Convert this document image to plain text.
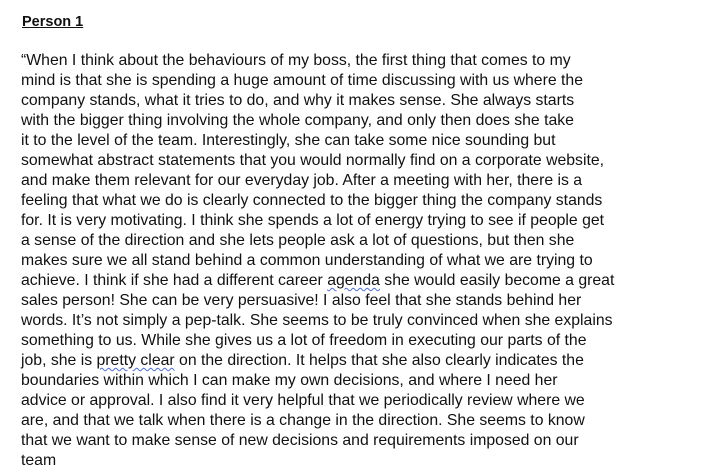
Person 1
“When I think about the behaviours of my boss, the first thing that comes to my
mind is that she is spending a huge amount of time discussing with us where the
company stands, what it tries to do, and why it makes sense. She always starts
with the bigger thing involving the whole company, and only then does she take
it to the level of the team. Interestingly, she can take some nice sounding but
somewhat abstract statements that you would normally find on a corporate website,
and make them relevant for our everyday job. After a meeting with her, there is a
feeling that what we do is clearly connected to the bigger thing the company stands
for. It is very motivating. I think she spends a lot of energy trying to see if people get
a sense of the direction and she lets people ask a lot of questions, but then she
makes sure we all stand behind a common understanding of what we are trying to
achieve. I think if she had a different career agenda she would easily become a great
sales person! She can be very persuasive! I also feel that she stands behind her
words. It’s not simply a pep-talk. She seems to be truly convinced when she explains
something to us. While she gives us a lot of freedom in executing our parts of the
job, she is pretty clear on the direction. It helps that she also clearly indicates the
boundaries within which I can make my own decisions, and where I need her
advice or approval. I also find it very helpful that we periodically review where we
are, and that we talk when there is a change in the direction. She seems to know
that we want to make sense of new decisions and requirements imposed on our
team
